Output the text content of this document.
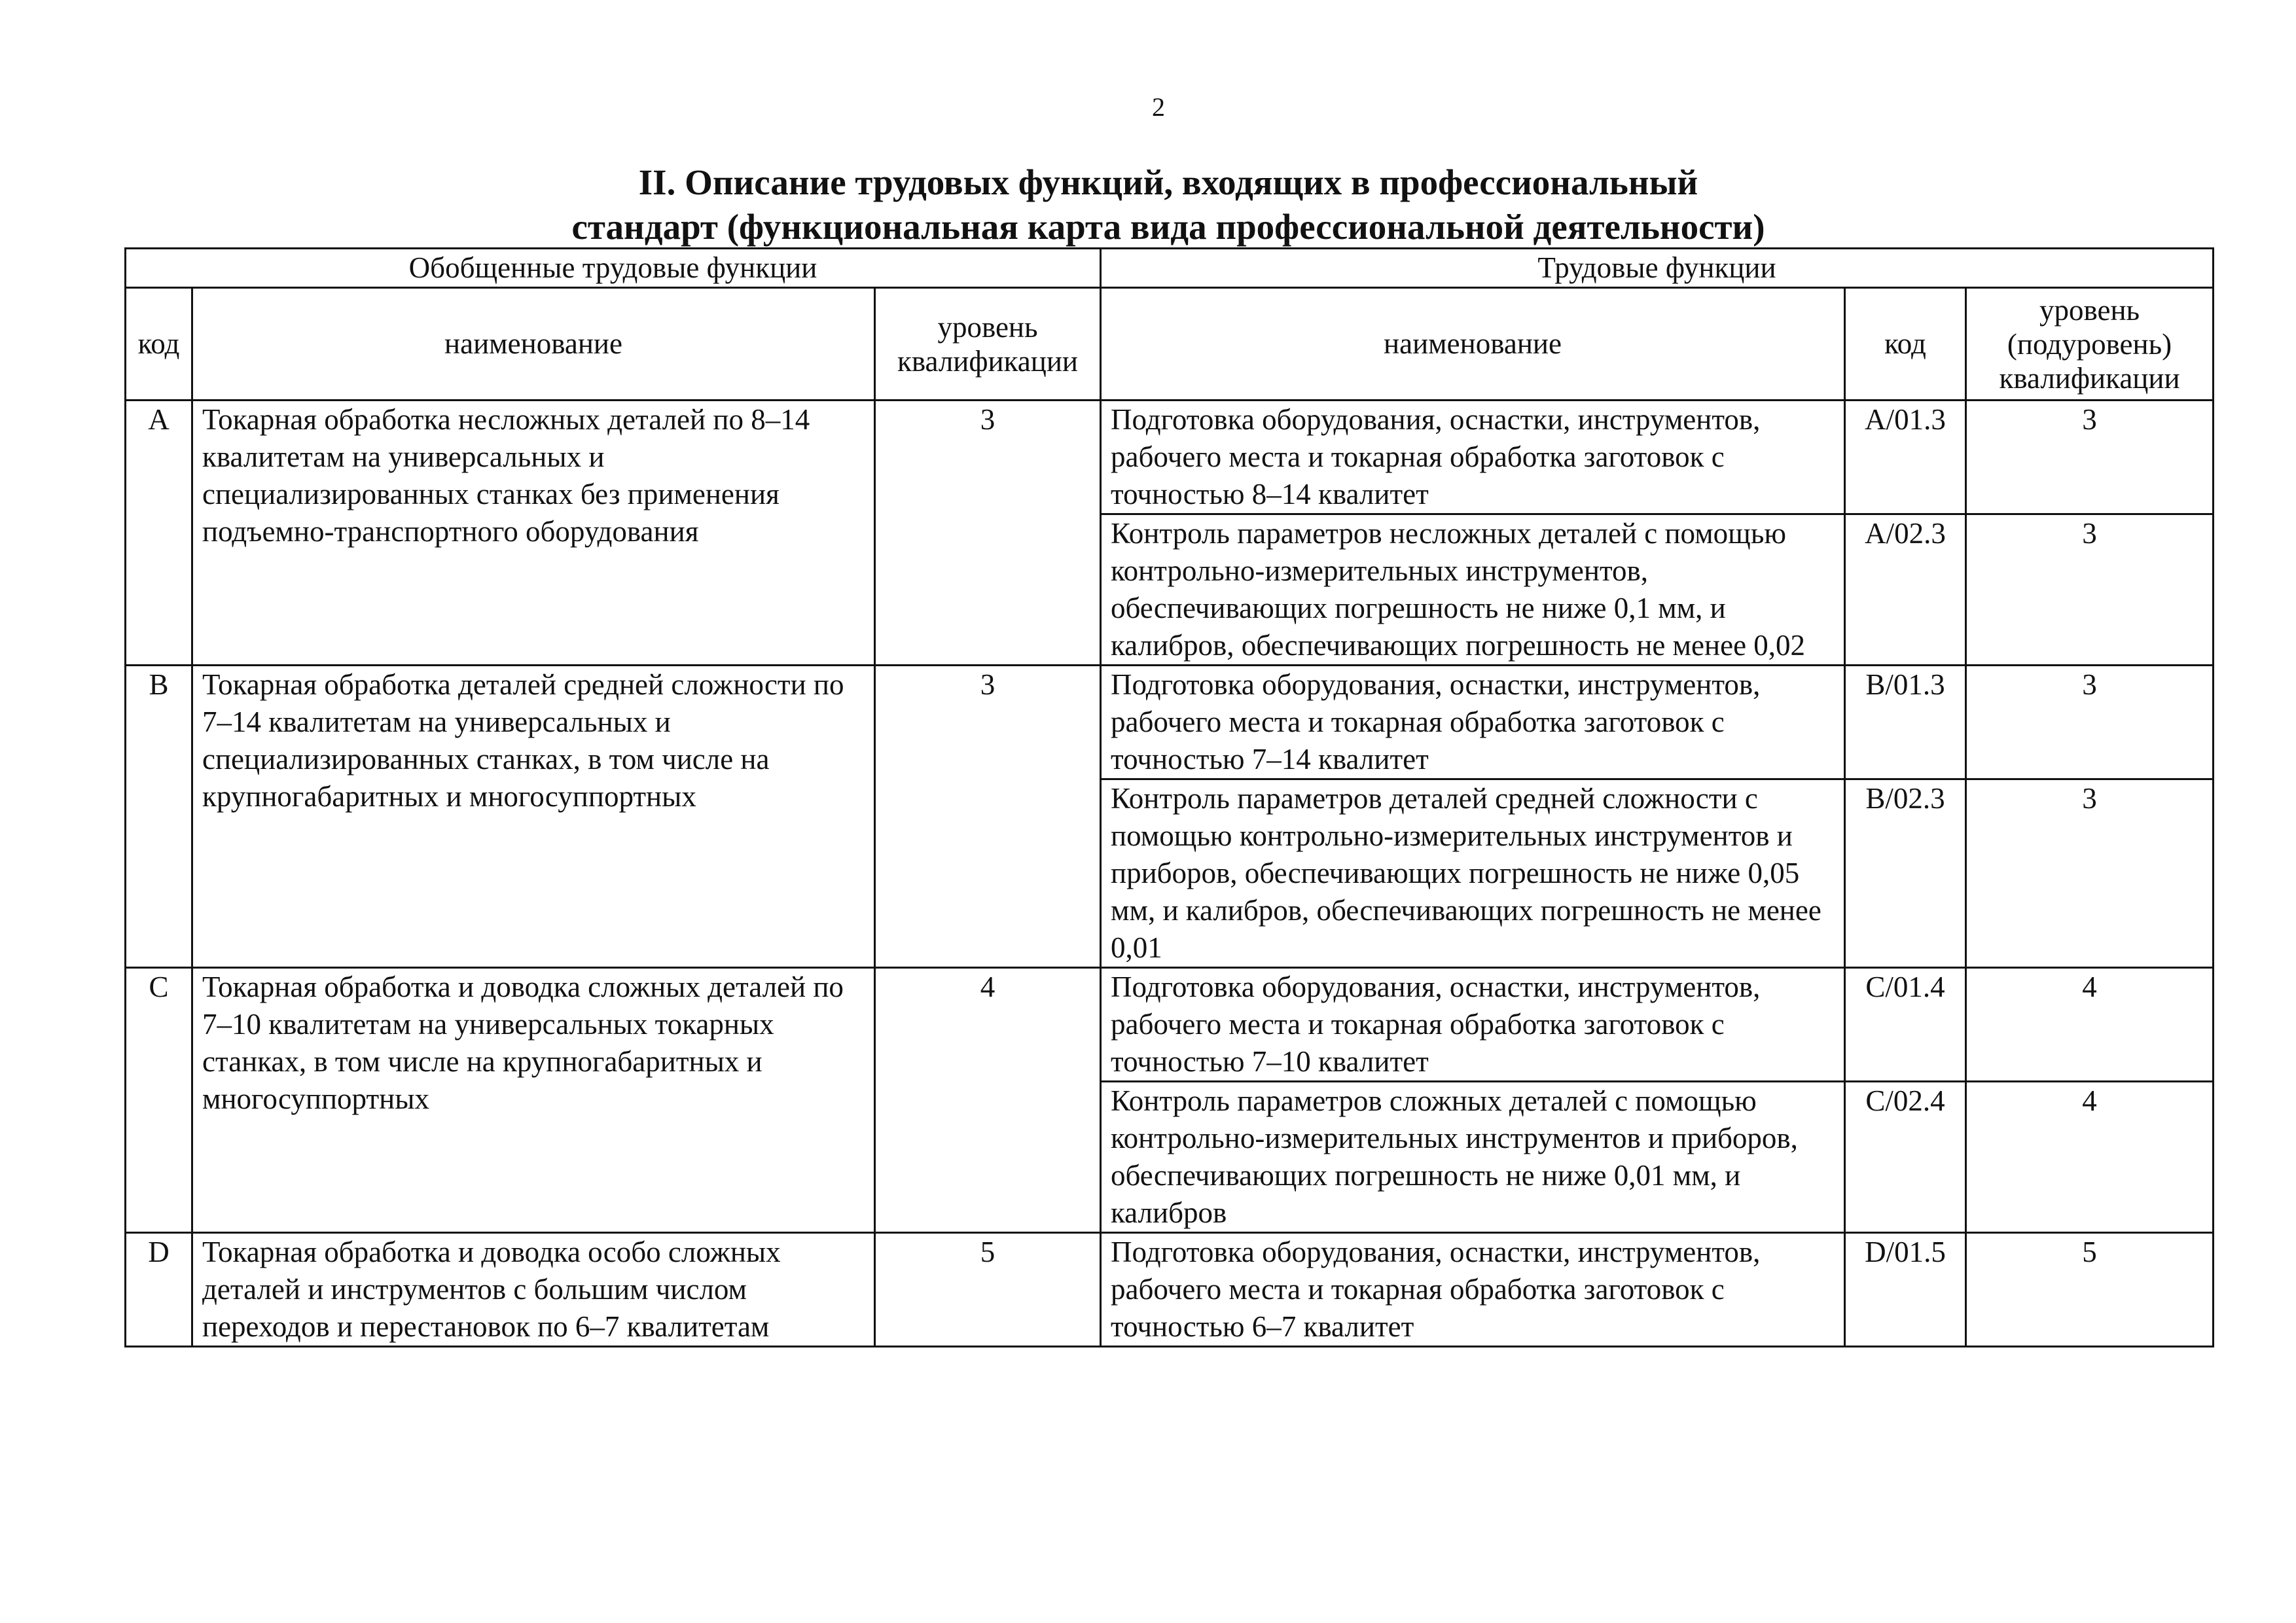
2
II. Описание трудовых функций, входящих в профессиональный
стандарт (функциональная карта вида профессиональной деятельности)
Обобщенные трудовые функции			Трудовые функции		
код	наименование	уровень квалификации	наименование	код	уровень (подуровень) квалификации
A	Токарная обработка несложных деталей по 8–14 квалитетам на универсальных и специализированных станках без применения подъемно-транспортного оборудования	3	Подготовка оборудования, оснастки, инструментов, рабочего места и токарная обработка заготовок с точностью 8–14 квалитет	A/01.3	3
			Контроль параметров несложных деталей с помощью контрольно-измерительных инструментов, обеспечивающих погрешность не ниже 0,1 мм, и калибров, обеспечивающих погрешность не менее 0,02	A/02.3	3
B	Токарная обработка деталей средней сложности по 7–14 квалитетам на универсальных и специализированных станках, в том числе на крупногабаритных и многосуппортных	3	Подготовка оборудования, оснастки, инструментов, рабочего места и токарная обработка заготовок с точностью 7–14 квалитет	B/01.3	3
			Контроль параметров деталей средней сложности с помощью контрольно-измерительных инструментов и приборов, обеспечивающих погрешность не ниже 0,05 мм, и калибров, обеспечивающих погрешность не менее 0,01	B/02.3	3
C	Токарная обработка и доводка сложных деталей по 7–10 квалитетам на универсальных токарных станках, в том числе на крупногабаритных и многосуппортных	4	Подготовка оборудования, оснастки, инструментов, рабочего места и токарная обработка заготовок с точностью 7–10 квалитет	C/01.4	4
			Контроль параметров сложных деталей с помощью контрольно-измерительных инструментов и приборов, обеспечивающих погрешность не ниже 0,01 мм, и калибров	C/02.4	4
D	Токарная обработка и доводка особо сложных деталей и инструментов с большим числом переходов и перестановок по 6–7 квалитетам	5	Подготовка оборудования, оснастки, инструментов, рабочего места и токарная обработка заготовок с точностью 6–7 квалитет	D/01.5	5
